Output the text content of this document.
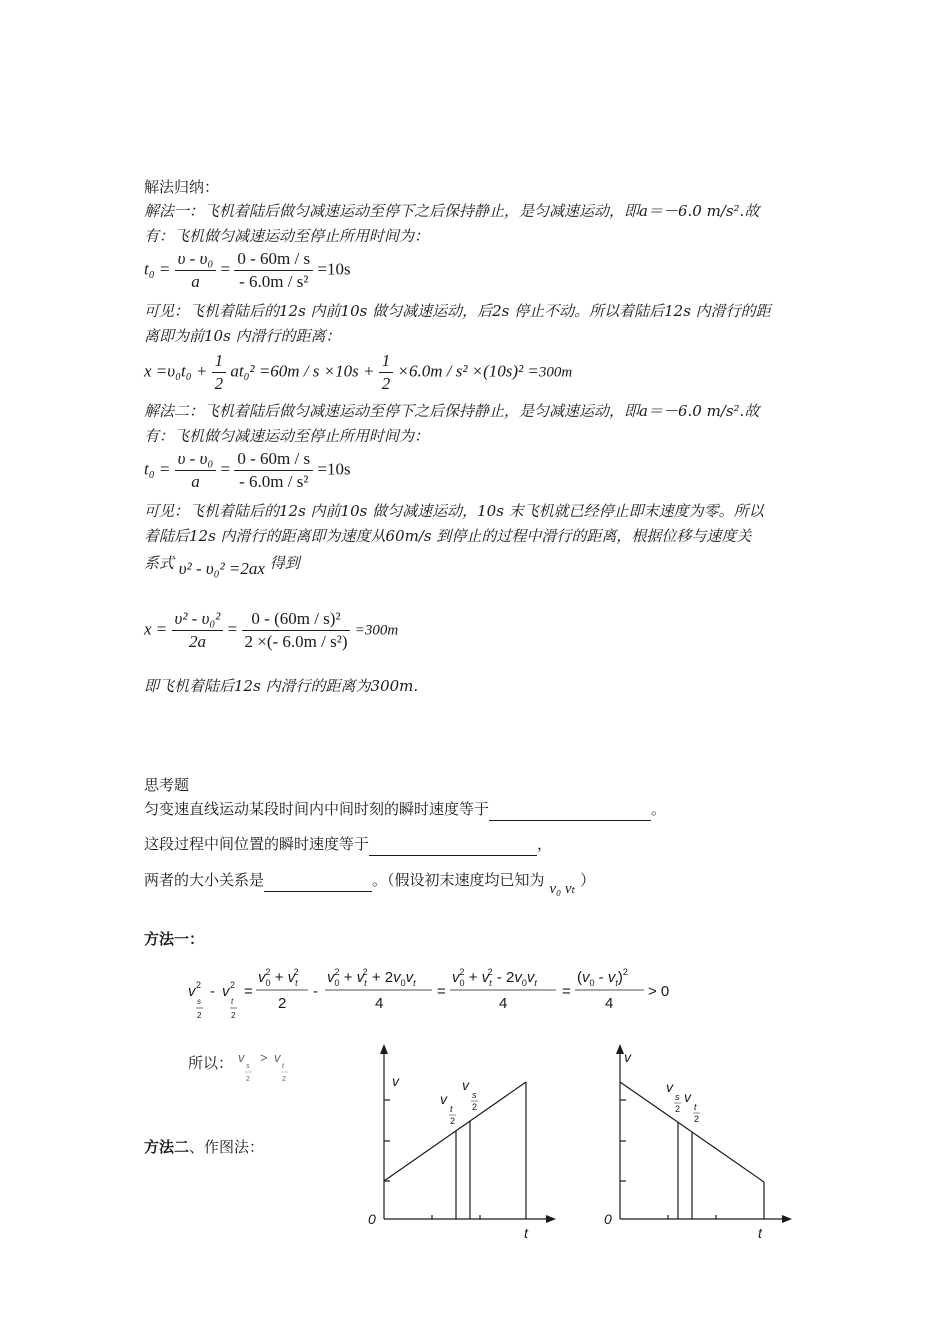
解法归纳：
解法一：飞机着陆后做匀减速运动至停下之后保持静止，是匀减速运动，即a＝－6.0 m/s².故
有：飞机做匀减速运动至停止所用时间为：
$t_0 = \frac{\text{υ - υ₀}}{a} = \frac{0 - 60m / s}{\text{- 6.0m / s²}} =10s$
可见：飞机着陆后的12s 内前10s 做匀减速运动，后2s 停止不动。所以着陆后12s 内滑行的距
离即为前10s 内滑行的距离：
$x =\upsilon_0t_0 + \frac{1}{2} at_0^2 =60m / s \times 10s + \frac{1}{2} \times 6.0m / s^2 \times(10s)^2 =300m$
解法二：飞机着陆后做匀减速运动至停下之后保持静止，是匀减速运动，即a＝－6.0 m/s².故
有：飞机做匀减速运动至停止所用时间为：
$t_0 = \frac{\text{υ - υ₀}}{a} = \frac{0 - 60m / s}{\text{- 6.0m / s²}} =10s$
可见：飞机着陆后的12s 内前10s 做匀减速运动，10s 末飞机就已经停止即末速度为零。所以
着陆后12s 内滑行的距离即为速度从60m/s 到停止的过程中滑行的距离，根据位移与速度关
系式 υ² - υ₀² =2ax 得到
$x = \frac{\text{υ² - υ₀²}}{2a} = \frac{\text{0 - (60m / s)²}}{\text{2 ×(- 6.0m / s²)}} =300m$
即飞机着陆后12s 内滑行的距离为300m.
思考题
匀变速直线运动某段时间内中间时刻的瞬时速度等于	。
这段过程中间位置的瞬时速度等于	，
两者的大小关系是	。（假设初末速度均已知为 v₀ vₜ ）
方法一：
v 2
s
2
- v 2
t
2
=
$v_02 + v_t2$
2
-
$v_02 + v_t2 + 2v_0v_t$
4
=
$v_02 + v_t2 - 2v_0v_t$
4
=
$(v_0 - v_t)^2$
4
> 0
所以： v
s
2
> v
t
2
方法二、作图法：
v
0
t
v
t
2
v
s
2
v
0
t
v
s
2
v
t
2
